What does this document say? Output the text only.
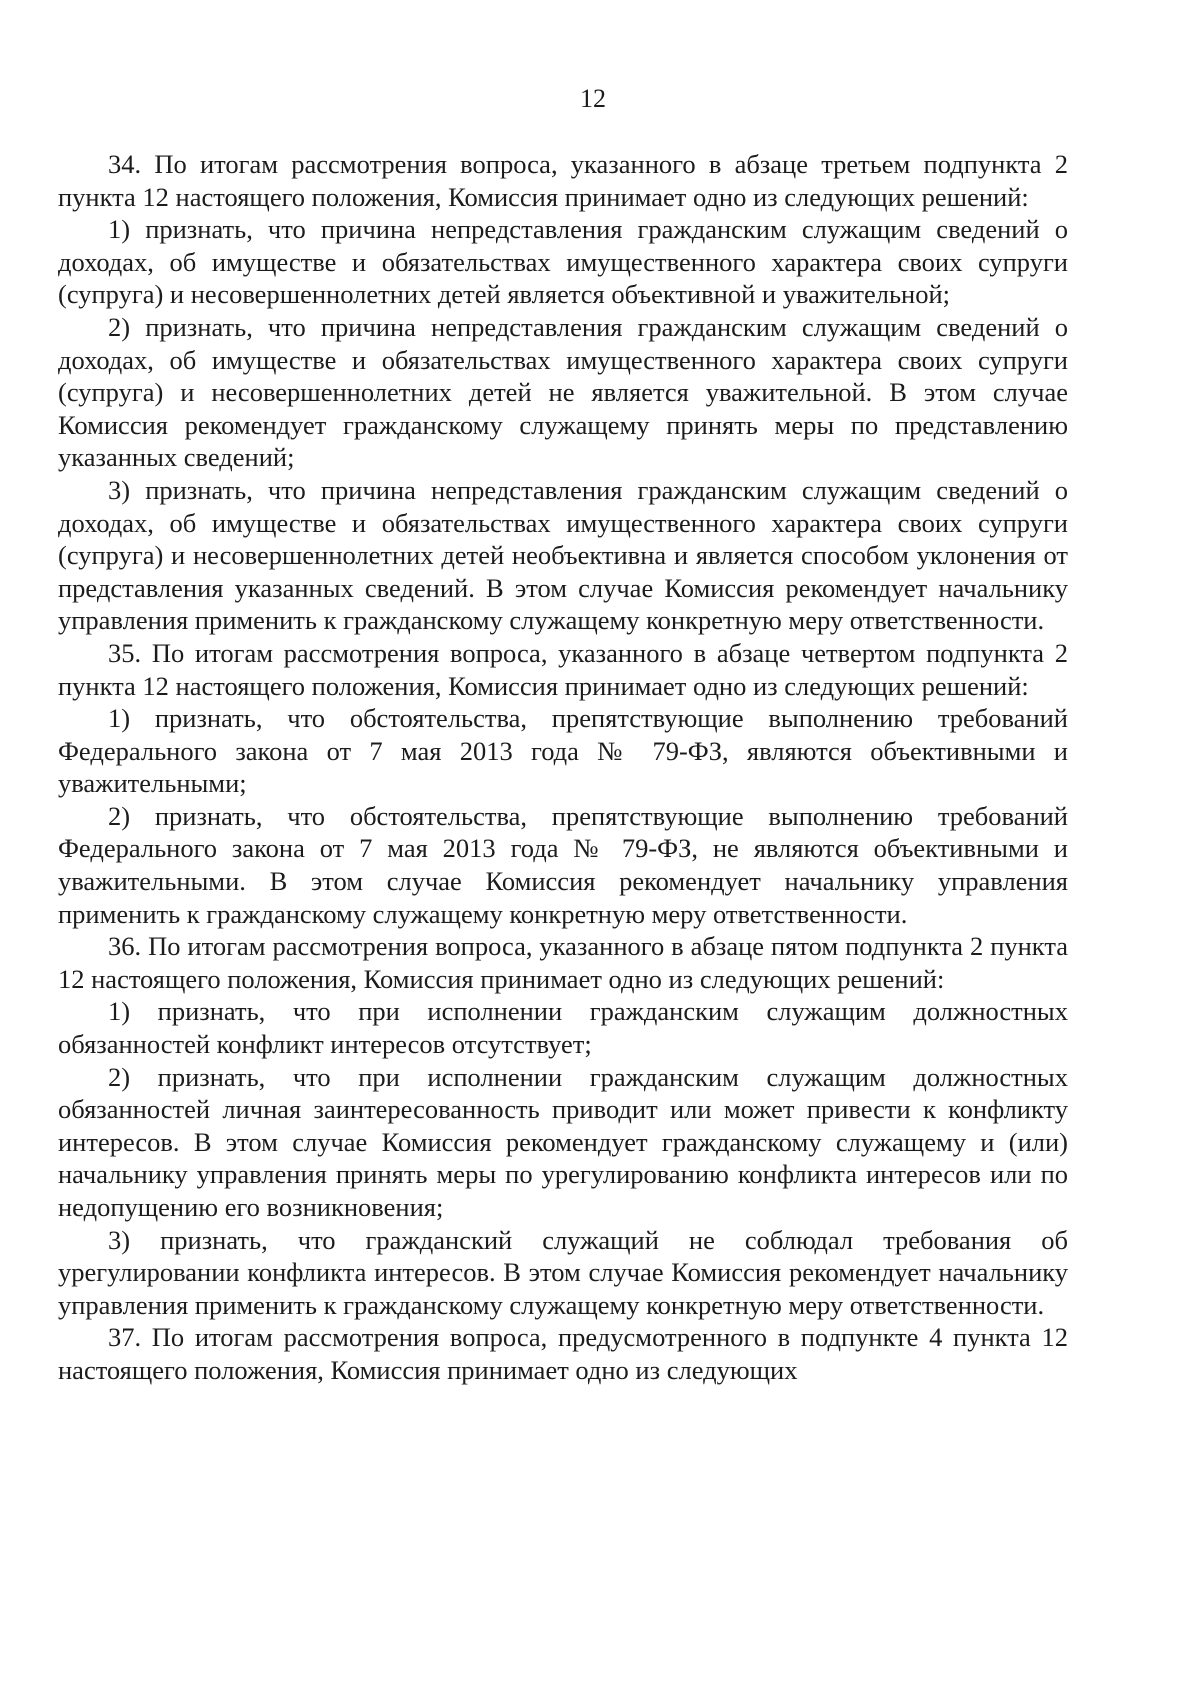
12

34. По итогам рассмотрения вопроса, указанного в абзаце третьем подпункта 2 пункта 12 настоящего положения, Комиссия принимает одно из следующих решений:

1) признать, что причина непредставления гражданским служащим сведений о доходах, об имуществе и обязательствах имущественного характера своих супруги (супруга) и несовершеннолетних детей является объективной и уважительной;

2) признать, что причина непредставления гражданским служащим сведений о доходах, об имуществе и обязательствах имущественного характера своих супруги (супруга) и несовершеннолетних детей не является уважительной. В этом случае Комиссия рекомендует гражданскому служащему принять меры по представлению указанных сведений;

3) признать, что причина непредставления гражданским служащим сведений о доходах, об имуществе и обязательствах имущественного характера своих супруги (супруга) и несовершеннолетних детей необъективна и является способом уклонения от представления указанных сведений. В этом случае Комиссия рекомендует начальнику управления применить к гражданскому служащему конкретную меру ответственности.

35. По итогам рассмотрения вопроса, указанного в абзаце четвертом подпункта 2 пункта 12 настоящего положения, Комиссия принимает одно из следующих решений:

1) признать, что обстоятельства, препятствующие выполнению требований Федерального закона от 7 мая 2013 года № 79-ФЗ, являются объективными и уважительными;

2) признать, что обстоятельства, препятствующие выполнению требований Федерального закона от 7 мая 2013 года № 79-ФЗ, не являются объективными и уважительными. В этом случае Комиссия рекомендует начальнику управления применить к гражданскому служащему конкретную меру ответственности.

36. По итогам рассмотрения вопроса, указанного в абзаце пятом подпункта 2 пункта 12 настоящего положения, Комиссия принимает одно из следующих решений:

1) признать, что при исполнении гражданским служащим должностных обязанностей конфликт интересов отсутствует;

2) признать, что при исполнении гражданским служащим должностных обязанностей личная заинтересованность приводит или может привести к конфликту интересов. В этом случае Комиссия рекомендует гражданскому служащему и (или) начальнику управления принять меры по урегулированию конфликта интересов или по недопущению его возникновения;

3) признать, что гражданский служащий не соблюдал требования об урегулировании конфликта интересов. В этом случае Комиссия рекомендует начальнику управления применить к гражданскому служащему конкретную меру ответственности.

37. По итогам рассмотрения вопроса, предусмотренного в подпункте 4 пункта 12 настоящего положения, Комиссия принимает одно из следующих
